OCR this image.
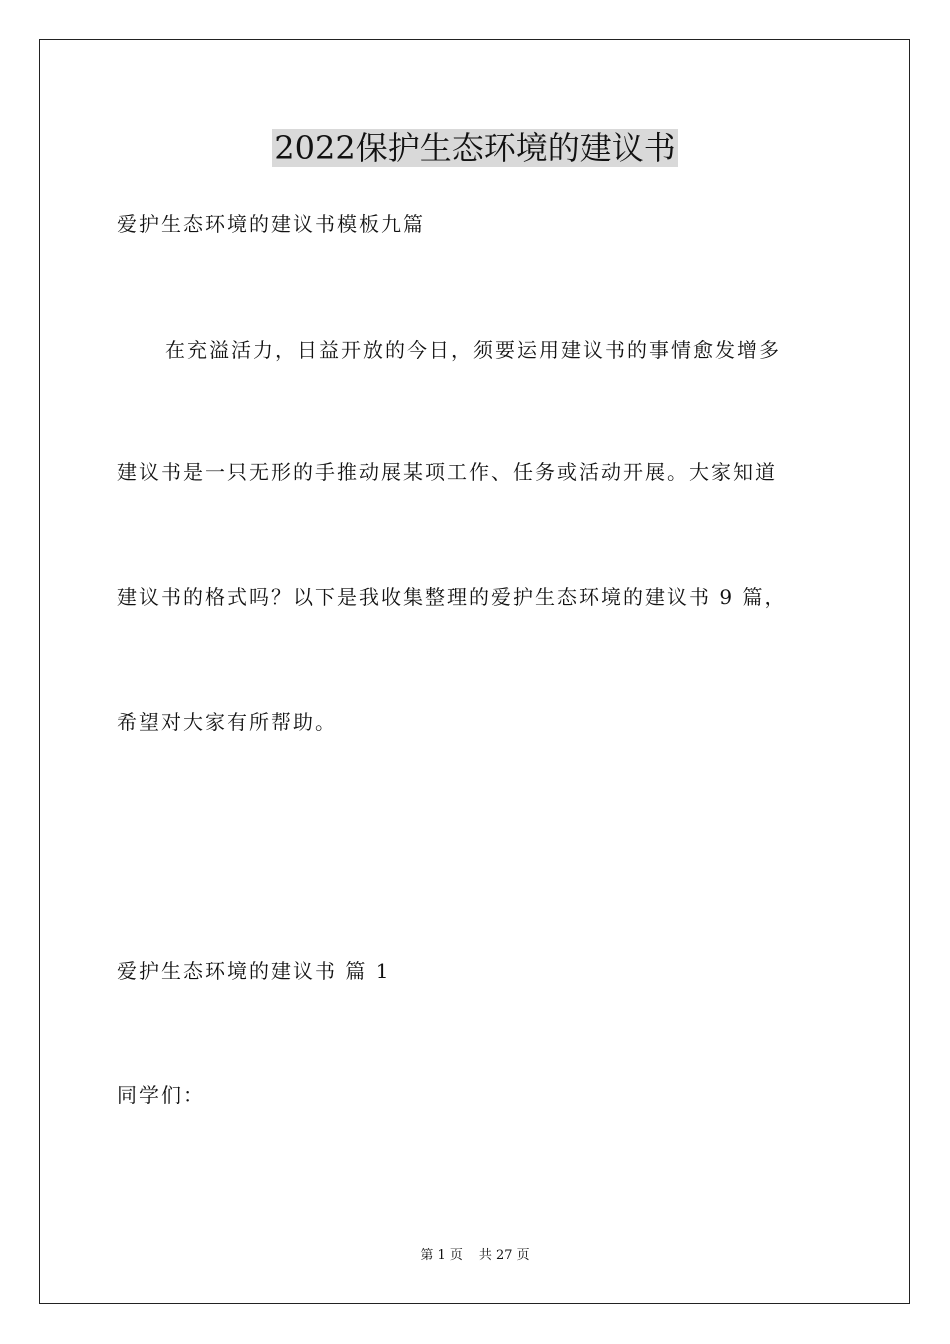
2022保护生态环境的建议书
爱护生态环境的建议书模板九篇
在充溢活力，日益开放的今日，须要运用建议书的事情愈发增多
建议书是一只无形的手推动展某项工作、任务或活动开展。大家知道
建议书的格式吗？以下是我收集整理的爱护生态环境的建议书 9 篇，
希望对大家有所帮助。
爱护生态环境的建议书 篇 1
同学们：
第 1 页 共 27 页
